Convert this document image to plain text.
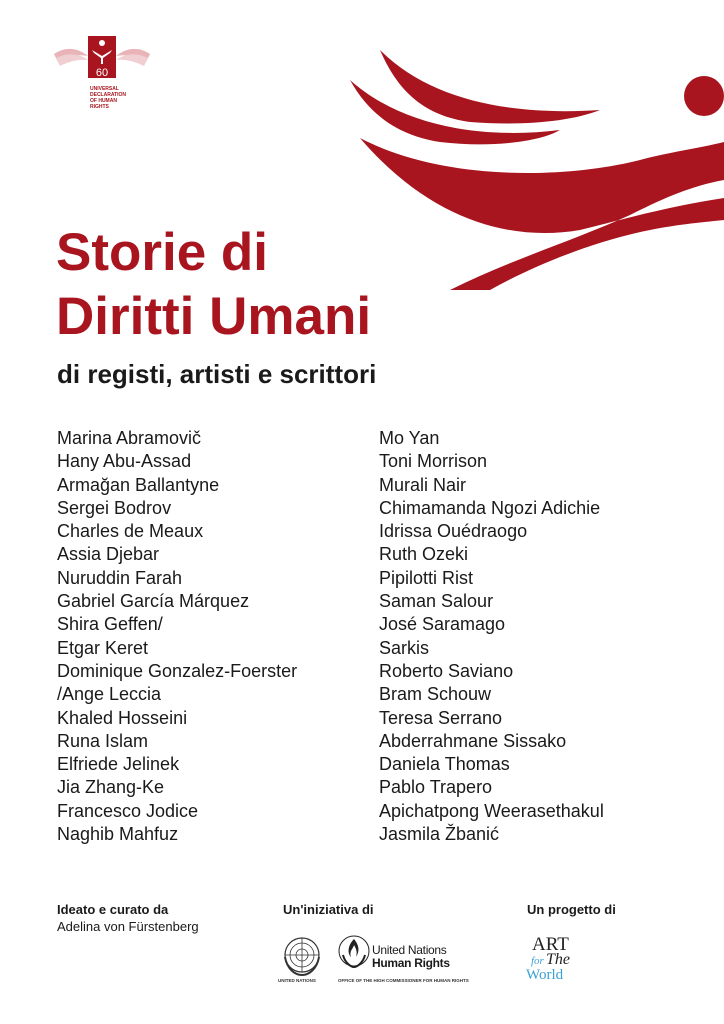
60
UNIVERSAL
DECLARATION
OF HUMAN
RIGHTS
Storie di
Diritti Umani
di registi, artisti e scrittori
Marina Abramovič
Hany Abu-Assad
Armağan Ballantyne
Sergei Bodrov
Charles de Meaux
Assia Djebar
Nuruddin Farah
Gabriel García Márquez
Shira Geffen/
Etgar Keret
Dominique Gonzalez-Foerster
/Ange Leccia
Khaled Hosseini
Runa Islam
Elfriede Jelinek
Jia Zhang-Ke
Francesco Jodice
Naghib Mahfuz
Mo Yan
Toni Morrison
Murali Nair
Chimamanda Ngozi Adichie
Idrissa Ouédraogo
Ruth Ozeki
Pipilotti Rist
Saman Salour
José Saramago
Sarkis
Roberto Saviano
Bram Schouw
Teresa Serrano
Abderrahmane Sissako
Daniela Thomas
Pablo Trapero
Apichatpong Weerasethakul
Jasmila Žbanić
Ideato e curato da
Adelina von Fürstenberg
Un'iniziativa di	Un progetto di
UNITED NATIONS
United Nations
Human Rights
OFFICE OF THE HIGH COMMISSIONER FOR HUMAN RIGHTS
ART
for The
World
